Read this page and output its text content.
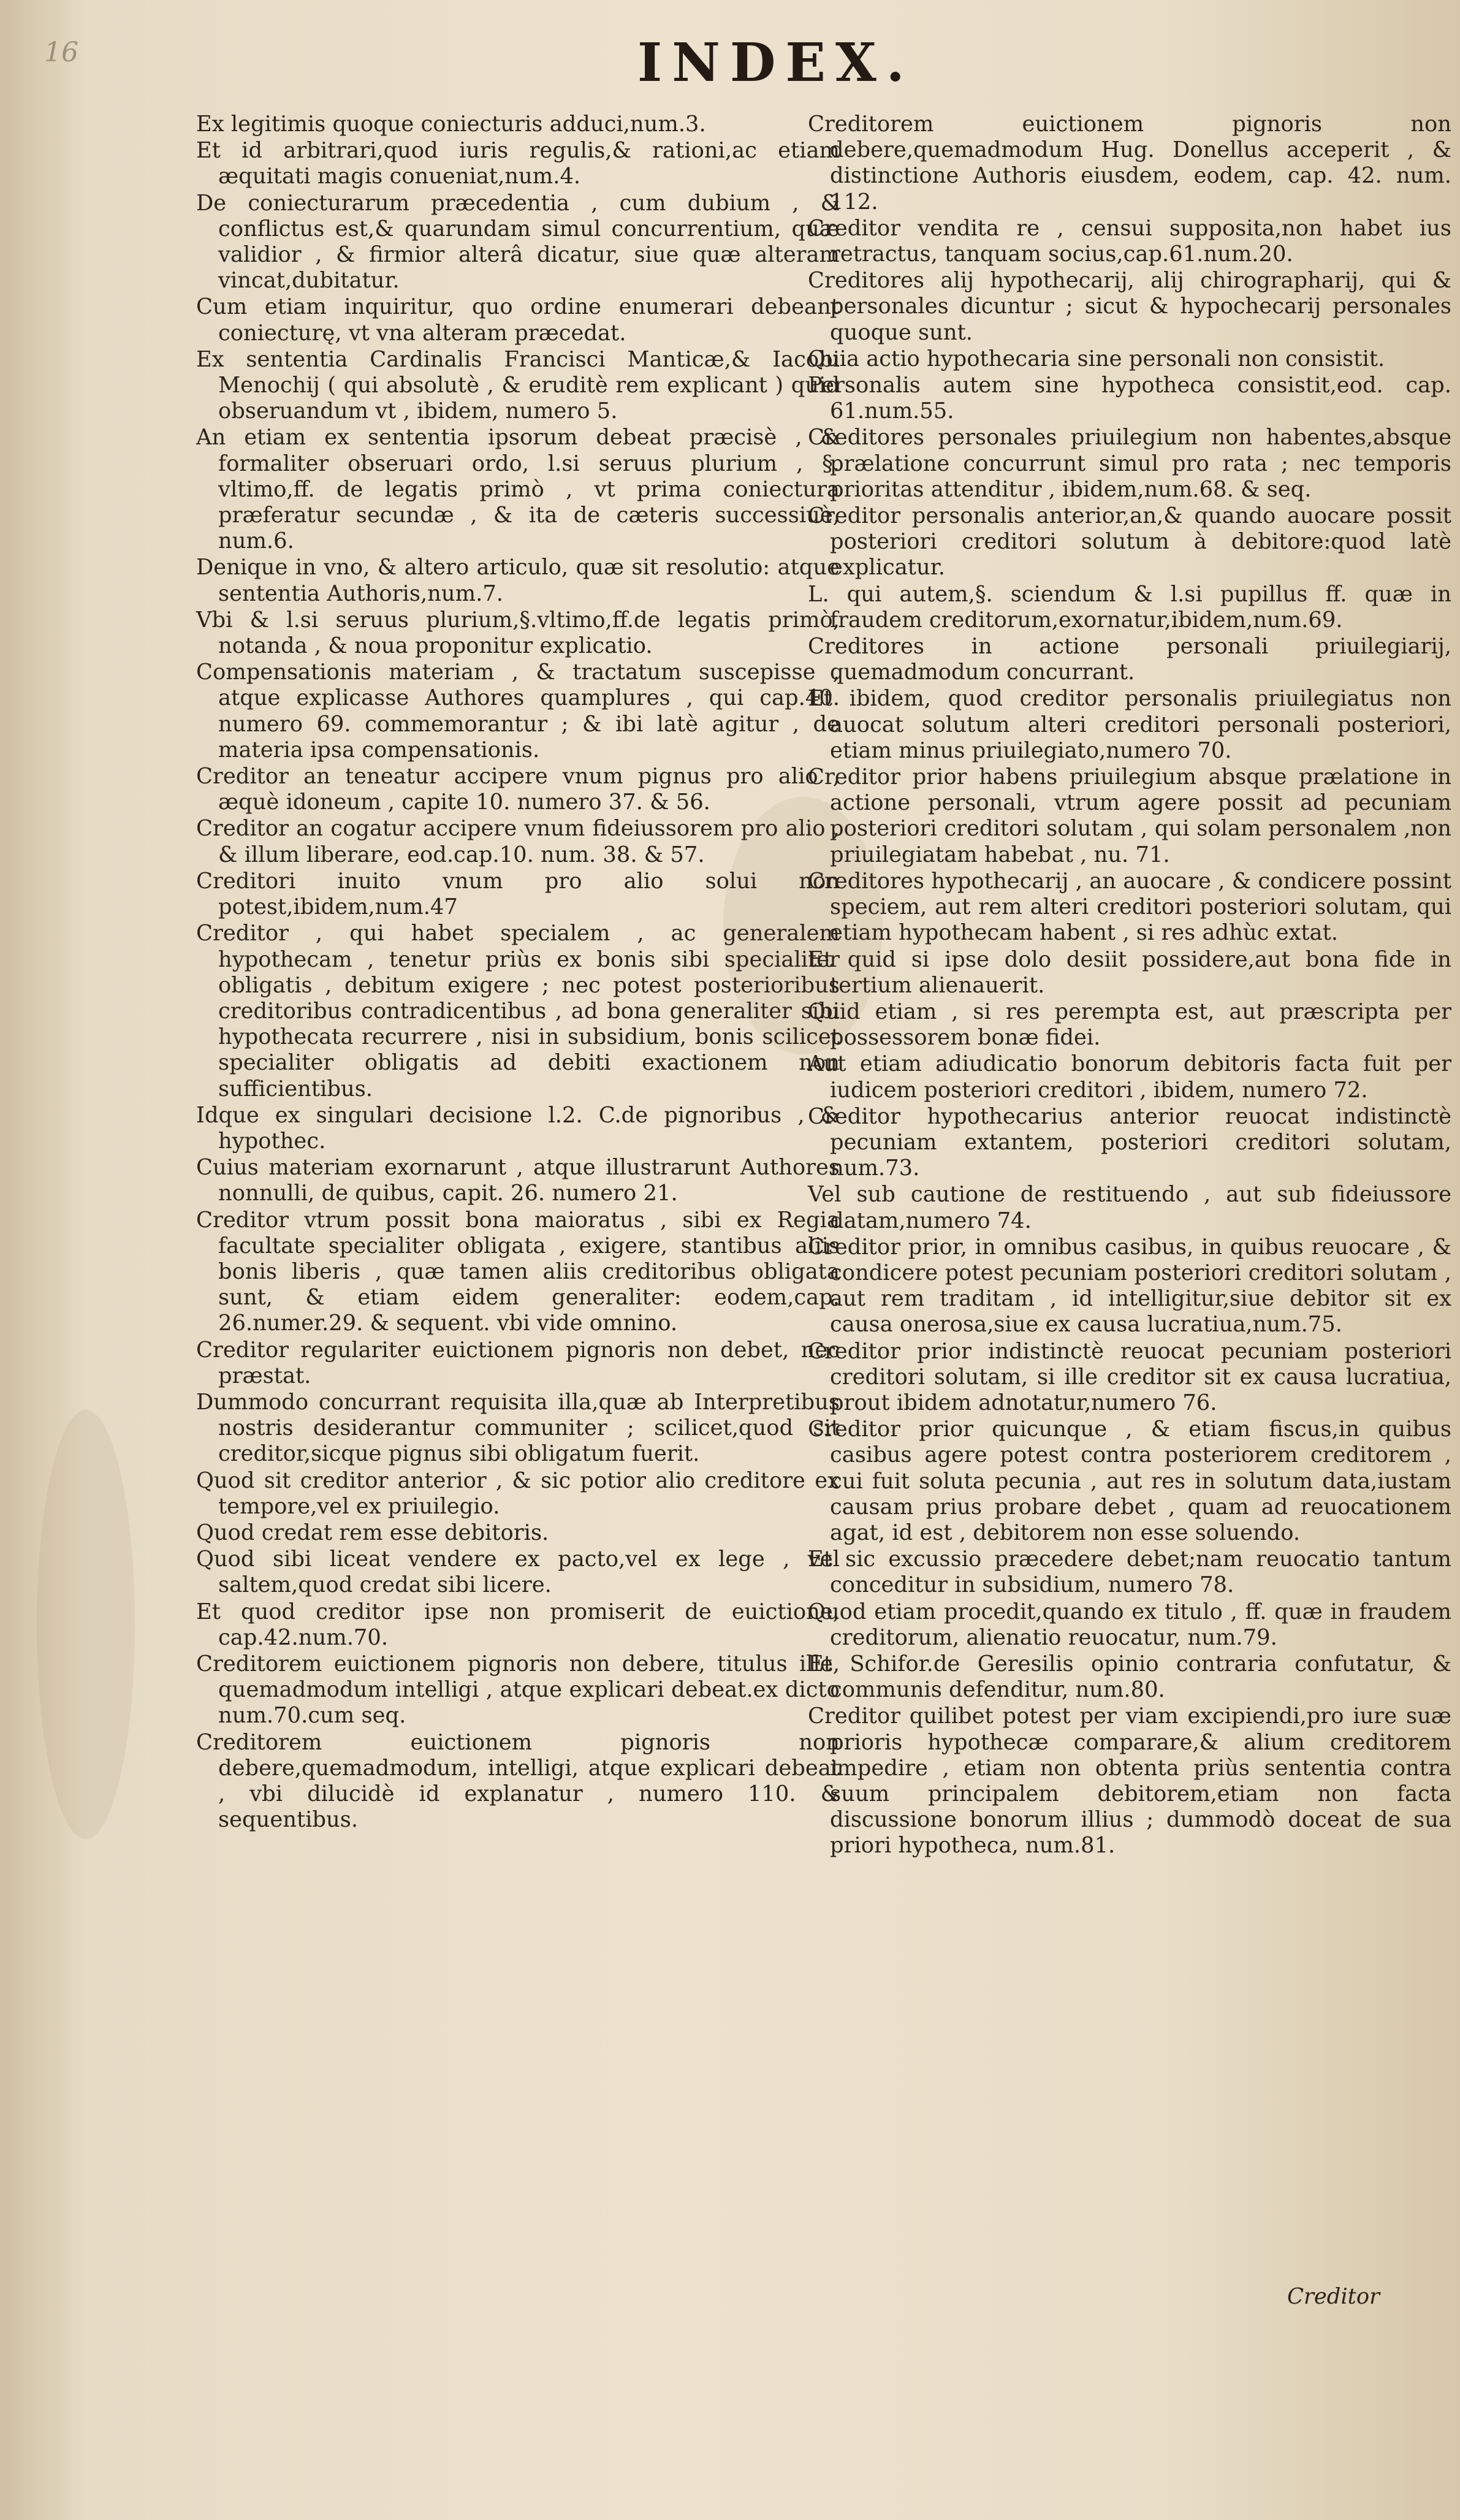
16	INDEX.

Ex legitimis quoque coniecturis adduci,num.3.

Et id arbitrari,quod iuris regulis,& rationi,ac etiam æquitati magis conueniat,num.4.

De coniecturarum præcedentia , cum dubium , & conflictus est,& quarundam simul concurrentium, quæ validior , & firmior alterâ dicatur, siue quæ alteram vincat,dubitatur.

Cum etiam inquiritur, quo ordine enumerari debeant coniecturę, vt vna alteram præcedat.

Ex sententia Cardinalis Francisci Manticæ,& Iacobi Menochij ( qui absolutè , & eruditè rem explicant ) quid obseruandum vt , ibidem, numero 5.

An etiam ex sententia ipsorum debeat præcisè , & formaliter obseruari ordo, l.si seruus plurium , §. vltimo,ff. de legatis primò , vt prima coniectura præferatur secundæ , & ita de cæteris successiuè, num.6.

Denique in vno, & altero articulo, quæ sit resolutio: atque sententia Authoris,num.7.

Vbi & l.si seruus plurium,§.vltimo,ff.de legatis primò, notanda , & noua proponitur explicatio.

Compensationis materiam , & tractatum suscepisse , atque explicasse Authores quamplures , qui cap.40. numero 69. commemorantur ; & ibi latè agitur , de materia ipsa compensationis.

Creditor an teneatur accipere vnum pignus pro alio , æquè idoneum , capite 10. numero 37. & 56.

Creditor an cogatur accipere vnum fideiussorem pro alio , & illum liberare, eod.cap.10. num. 38. & 57.

Creditori inuito vnum pro alio solui non potest,ibidem,num.47

Creditor , qui habet specialem , ac generalem hypothecam , tenetur priùs ex bonis sibi specialiter obligatis , debitum exigere ; nec potest posterioribus creditoribus contradicentibus , ad bona generaliter sibi hypothecata recurrere , nisi in subsidium, bonis scilicet specialiter obligatis ad debiti exactionem non sufficientibus.

Idque ex singulari decisione l.2. C.de pignoribus , & hypothec.

Cuius materiam exornarunt , atque illustrarunt Authores nonnulli, de quibus, capit. 26. numero 21.

Creditor vtrum possit bona maioratus , sibi ex Regia facultate specialiter obligata , exigere, stantibus aliis bonis liberis , quæ tamen aliis creditoribus obligata sunt, & etiam eidem generaliter: eodem,cap. 26.numer.29. & sequent. vbi vide omnino.

Creditor regulariter euictionem pignoris non debet, nec præstat.

Dummodo concurrant requisita illa,quæ ab Interpretibus nostris desiderantur communiter ; scilicet,quod sit creditor,sicque pignus sibi obligatum fuerit.

Quod sit creditor anterior , & sic potior alio creditore ex tempore,vel ex priuilegio.

Quod credat rem esse debitoris.

Quod sibi liceat vendere ex pacto,vel ex lege , vel saltem,quod credat sibi licere.

Et quod creditor ipse non promiserit de euictione, cap.42.num.70.

Creditorem euictionem pignoris non debere, titulus ille, quemadmodum intelligi , atque explicari debeat.ex dicto num.70.cum seq.

Creditorem euictionem pignoris non debere,quemadmodum, intelligi, atque explicari debeat , vbi dilucidè id explanatur , numero 110. & sequentibus.

Creditorem euictionem pignoris non debere,quemadmodum Hug. Donellus acceperit , & distinctione Authoris eiusdem, eodem, cap. 42. num. 112.

Creditor vendita re , censui supposita,non habet ius retractus, tanquam socius,cap.61.num.20.

Creditores alij hypothecarij, alij chirographarij, qui & personales dicuntur ; sicut & hypochecarij personales quoque sunt.

Quia actio hypothecaria sine personali non consistit.

Personalis autem sine hypotheca consistit,eod. cap. 61.num.55.

Creditores personales priuilegium non habentes,absque prælatione concurrunt simul pro rata ; nec temporis prioritas attenditur , ibidem,num.68. & seq.

Creditor personalis anterior,an,& quando auocare possit posteriori creditori solutum à debitore:quod latè explicatur.

L. qui autem,§. sciendum & l.si pupillus ff. quæ in fraudem creditorum,exornatur,ibidem,num.69.

Creditores in actione personali priuilegiarij, quemadmodum concurrant.

Et ibidem, quod creditor personalis priuilegiatus non auocat solutum alteri creditori personali posteriori, etiam minus priuilegiato,numero 70.

Creditor prior habens priuilegium absque prælatione in actione personali, vtrum agere possit ad pecuniam posteriori creditori solutam , qui solam personalem ,non priuilegiatam habebat , nu. 71.

Creditores hypothecarij , an auocare , & condicere possint speciem, aut rem alteri creditori posteriori solutam, qui etiam hypothecam habent , si res adhùc extat.

Et quid si ipse dolo desiit possidere,aut bona fide in tertium alienauerit.

Quid etiam , si res perempta est, aut præscripta per possessorem bonæ fidei.

Aut etiam adiudicatio bonorum debitoris facta fuit per iudicem posteriori creditori , ibidem, numero 72.

Creditor hypothecarius anterior reuocat indistinctè pecuniam extantem, posteriori creditori solutam, num.73.

Vel sub cautione de restituendo , aut sub fideiussore datam,numero 74.

Creditor prior, in omnibus casibus, in quibus reuocare , & condicere potest pecuniam posteriori creditori solutam , aut rem traditam , id intelligitur,siue debitor sit ex causa onerosa,siue ex causa lucratiua,num.75.

Creditor prior indistinctè reuocat pecuniam posteriori creditori solutam, si ille creditor sit ex causa lucratiua, prout ibidem adnotatur,numero 76.

Creditor prior quicunque , & etiam fiscus,in quibus casibus agere potest contra posteriorem creditorem , cui fuit soluta pecunia , aut res in solutum data,iustam causam prius probare debet , quam ad reuocationem agat, id est , debitorem non esse soluendo.

Et sic excussio præcedere debet;nam reuocatio tantum conceditur in subsidium, numero 78.

Quod etiam procedit,quando ex titulo , ff. quæ in fraudem creditorum, alienatio reuocatur, num.79.

Et Schifor.de Geresilis opinio contraria confutatur, & communis defenditur, num.80.

Creditor quilibet potest per viam excipiendi,pro iure suæ prioris hypothecæ comparare,& alium creditorem impedire , etiam non obtenta priùs sententia contra suum principalem debitorem,etiam non facta discussione bonorum illius ; dummodò doceat de sua priori hypotheca, num.81.

Creditor
